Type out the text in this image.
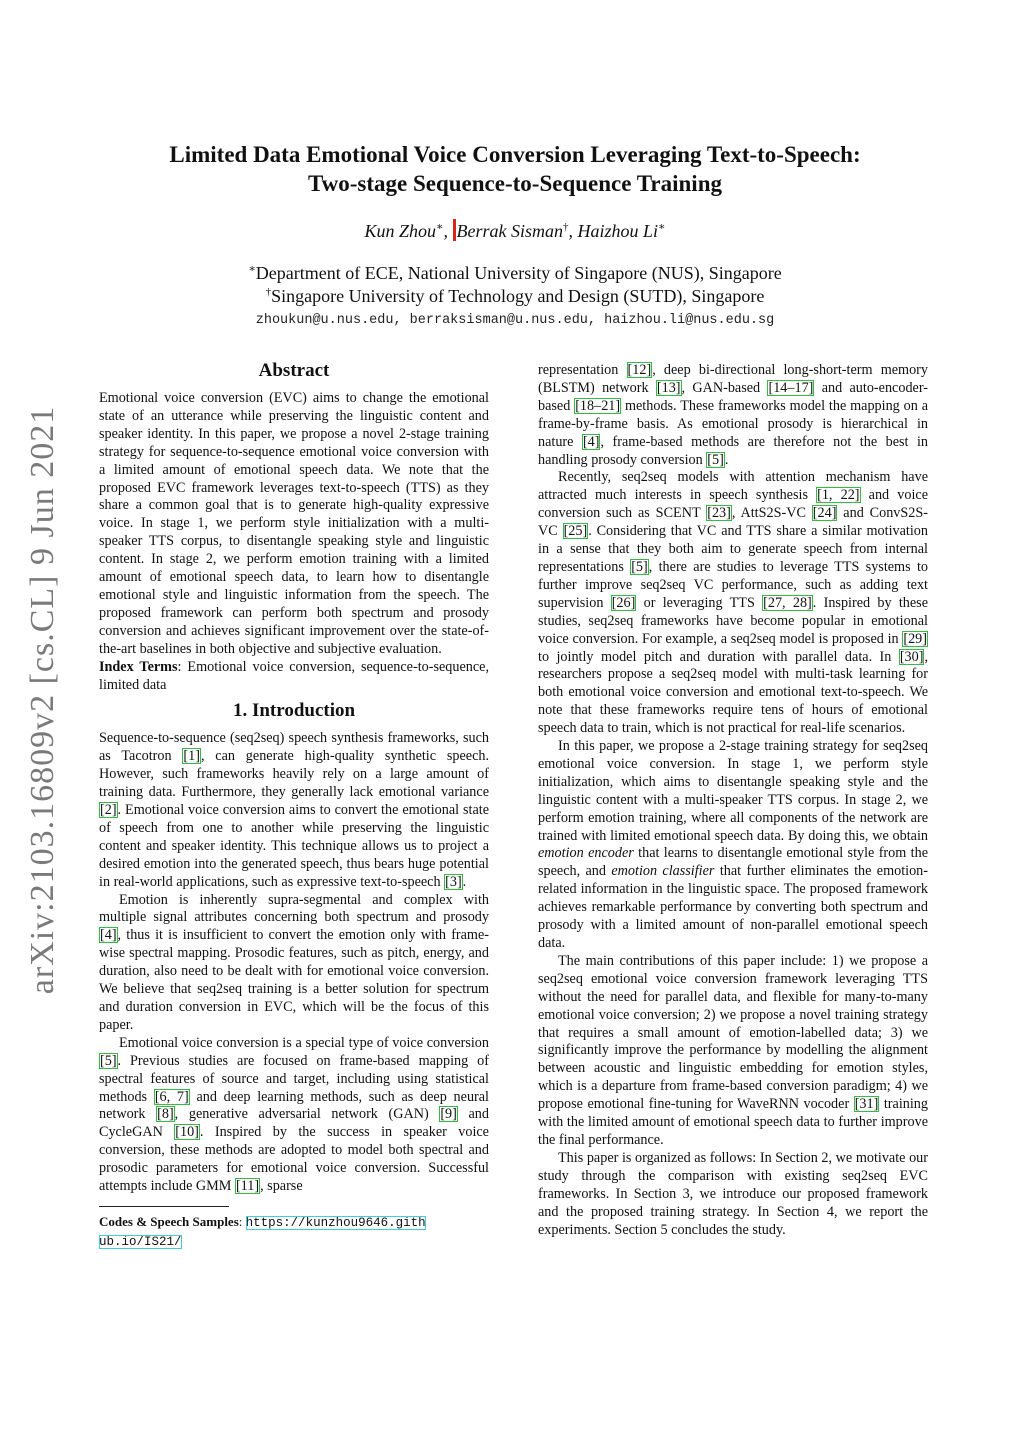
arXiv:2103.16809v2 [cs.CL] 9 Jun 2021
Limited Data Emotional Voice Conversion Leveraging Text-to-Speech:
Two-stage Sequence-to-Sequence Training
Kun Zhou∗, Berrak Sisman†, Haizhou Li∗
∗Department of ECE, National University of Singapore (NUS), Singapore
†Singapore University of Technology and Design (SUTD), Singapore
zhoukun@u.nus.edu, berraksisman@u.nus.edu, haizhou.li@nus.edu.sg
Abstract

Emotional voice conversion (EVC) aims to change the emotional state of an utterance while preserving the linguistic content and speaker identity. In this paper, we propose a novel 2-stage training strategy for sequence-to-sequence emotional voice conversion with a limited amount of emotional speech data. We note that the proposed EVC framework leverages text-to-speech (TTS) as they share a common goal that is to generate high-quality expressive voice. In stage 1, we perform style initialization with a multi-speaker TTS corpus, to disentangle speaking style and linguistic content. In stage 2, we perform emotion training with a limited amount of emotional speech data, to learn how to disentangle emotional style and linguistic information from the speech. The proposed framework can perform both spectrum and prosody conversion and achieves significant improvement over the state-of-the-art baselines in both objective and subjective evaluation.

Index Terms: Emotional voice conversion, sequence-to-sequence, limited data

1. Introduction

Sequence-to-sequence (seq2seq) speech synthesis frameworks, such as Tacotron [1], can generate high-quality synthetic speech. However, such frameworks heavily rely on a large amount of training data. Furthermore, they generally lack emotional variance [2]. Emotional voice conversion aims to convert the emotional state of speech from one to another while preserving the linguistic content and speaker identity. This technique allows us to project a desired emotion into the generated speech, thus bears huge potential in real-world applications, such as expressive text-to-speech [3].

Emotion is inherently supra-segmental and complex with multiple signal attributes concerning both spectrum and prosody [4], thus it is insufficient to convert the emotion only with frame-wise spectral mapping. Prosodic features, such as pitch, energy, and duration, also need to be dealt with for emotional voice conversion. We believe that seq2seq training is a better solution for spectrum and duration conversion in EVC, which will be the focus of this paper.

Emotional voice conversion is a special type of voice conversion [5]. Previous studies are focused on frame-based mapping of spectral features of source and target, including using statistical methods [6, 7] and deep learning methods, such as deep neural network [8], generative adversarial network (GAN) [9] and CycleGAN [10]. Inspired by the success in speaker voice conversion, these methods are adopted to model both spectral and prosodic parameters for emotional voice conversion. Successful attempts include GMM [11], sparse

Codes & Speech Samples: https://kunzhou9646.gith
ub.io/IS21/

representation [12], deep bi-directional long-short-term memory (BLSTM) network [13], GAN-based [14–17] and auto-encoder-based [18–21] methods. These frameworks model the mapping on a frame-by-frame basis. As emotional prosody is hierarchical in nature [4], frame-based methods are therefore not the best in handling prosody conversion [5].

Recently, seq2seq models with attention mechanism have attracted much interests in speech synthesis [1, 22] and voice conversion such as SCENT [23], AttS2S-VC [24] and ConvS2S-VC [25]. Considering that VC and TTS share a similar motivation in a sense that they both aim to generate speech from internal representations [5], there are studies to leverage TTS systems to further improve seq2seq VC performance, such as adding text supervision [26] or leveraging TTS [27, 28]. Inspired by these studies, seq2seq frameworks have become popular in emotional voice conversion. For example, a seq2seq model is proposed in [29] to jointly model pitch and duration with parallel data. In [30], researchers propose a seq2seq model with multi-task learning for both emotional voice conversion and emotional text-to-speech. We note that these frameworks require tens of hours of emotional speech data to train, which is not practical for real-life scenarios.

In this paper, we propose a 2-stage training strategy for seq2seq emotional voice conversion. In stage 1, we perform style initialization, which aims to disentangle speaking style and the linguistic content with a multi-speaker TTS corpus. In stage 2, we perform emotion training, where all components of the network are trained with limited emotional speech data. By doing this, we obtain emotion encoder that learns to disentangle emotional style from the speech, and emotion classifier that further eliminates the emotion-related information in the linguistic space. The proposed framework achieves remarkable performance by converting both spectrum and prosody with a limited amount of non-parallel emotional speech data.

The main contributions of this paper include: 1) we propose a seq2seq emotional voice conversion framework leveraging TTS without the need for parallel data, and flexible for many-to-many emotional voice conversion; 2) we propose a novel training strategy that requires a small amount of emotion-labelled data; 3) we significantly improve the performance by modelling the alignment between acoustic and linguistic embedding for emotion styles, which is a departure from frame-based conversion paradigm; 4) we propose emotional fine-tuning for WaveRNN vocoder [31] training with the limited amount of emotional speech data to further improve the final performance.

This paper is organized as follows: In Section 2, we motivate our study through the comparison with existing seq2seq EVC frameworks. In Section 3, we introduce our proposed framework and the proposed training strategy. In Section 4, we report the experiments. Section 5 concludes the study.
